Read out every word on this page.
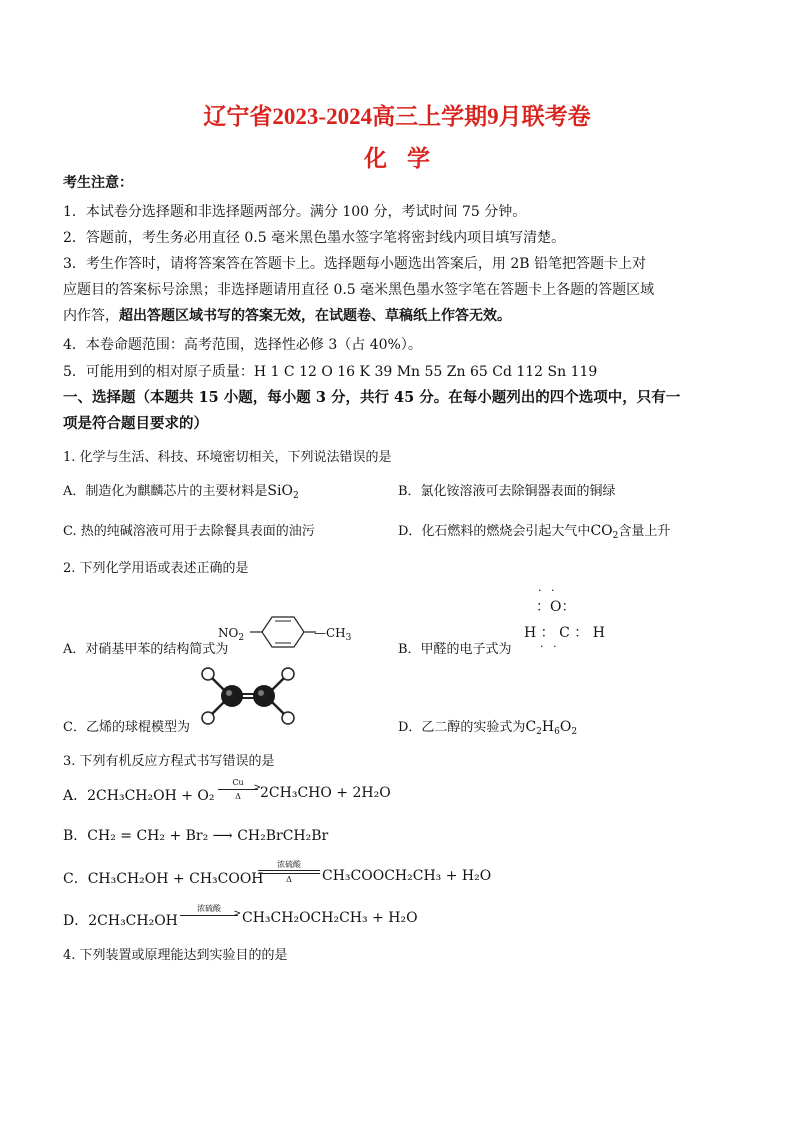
辽宁省2023-2024高三上学期9月联考卷
化学
考生注意：
1．本试卷分选择题和非选择题两部分。满分 100 分，考试时间 75 分钟。
2．答题前，考生务必用直径 0.5 毫米黑色墨水签字笔将密封线内项目填写清楚。
3．考生作答时，请将答案答在答题卡上。选择题每小题选出答案后，用 2B 铅笔把答题卡上对
应题目的答案标号涂黑；非选择题请用直径 0.5 毫米黑色墨水签字笔在答题卡上各题的答题区域
内作答，超出答题区域书写的答案无效，在试题卷、草稿纸上作答无效。
4．本卷命题范围：高考范围，选择性必修 3（占 40%）。
5．可能用到的相对原子质量：H 1 C 12 O 16 K 39 Mn 55 Zn 65 Cd 112 Sn 119
一、选择题（本题共 15 小题，每小题 3 分，共行 45 分。在每小题列出的四个选项中，只有一
项是符合题目要求的）
1. 化学与生活、科技、环境密切相关，下列说法错误的是
A．制造化为麒麟芯片的主要材料是SiO$_2$	B．氯化铵溶液可去除铜器表面的铜绿
C. 热的纯碱溶液可用于去除餐具表面的油污	D．化石燃料的燃烧会引起大气中$CO_2$含量上升
2. 下列化学用语或表述正确的是
A．对硝基甲苯的结构简式为
$NO_2$	$—CH_3$
B．甲醛的电子式为
· ·
：O：
H ： C ： H
· ·
C．乙烯的球棍模型为	D．乙二醇的实验式为$C_2H_6O_2$
3. 下列有机反应方程式书写错误的是
A．2CH₃CH₂OH + O₂
Cu
>
Δ	2CH₃CHO + 2H₂O
B．CH₂ = CH₂ + Br₂ ⟶ CH₂BrCH₂Br
C．CH₃CH₂OH + CH₃COOH
浓硫酸
Δ	CH₃COOCH₂CH₃ + H₂O
D．2CH₃CH₂OH
浓硫酸
> CH₃CH₂OCH₂CH₃ + H₂O
4. 下列装置或原理能达到实验目的的是
